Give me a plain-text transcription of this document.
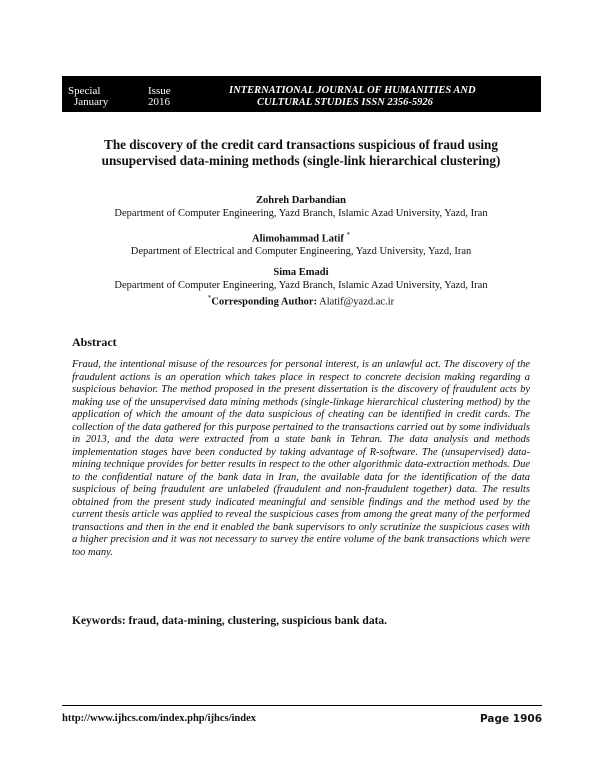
Special
January
Issue
2016
INTERNATIONAL JOURNAL OF HUMANITIES AND
CULTURAL STUDIES ISSN 2356-5926
The discovery of the credit card transactions suspicious of fraud using
unsupervised data-mining methods (single-link hierarchical clustering)
Zohreh Darbandian
Department of Computer Engineering, Yazd Branch, Islamic Azad University, Yazd, Iran
Alimohammad Latif *
Department of Electrical and Computer Engineering, Yazd University, Yazd, Iran
Sima Emadi
Department of Computer Engineering, Yazd Branch, Islamic Azad University, Yazd, Iran
*Corresponding Author: Alatif@yazd.ac.ir
Abstract
Fraud, the intentional misuse of the resources for personal interest, is an unlawful act. The discovery of the fraudulent actions is an operation which takes place in respect to concrete decision making regarding a suspicious behavior. The method proposed in the present dissertation is the discovery of fraudulent acts by making use of the unsupervised data mining methods (single-linkage hierarchical clustering method) by the application of which the amount of the data suspicious of cheating can be identified in credit cards. The collection of the data gathered for this purpose pertained to the transactions carried out by some individuals in 2013, and the data were extracted from a state bank in Tehran. The data analysis and methods implementation stages have been conducted by taking advantage of R-software. The (unsupervised) data-mining technique provides for better results in respect to the other algorithmic data-extraction methods. Due to the confidential nature of the bank data in Iran, the available data for the identification of the data suspicious of being fraudulent are unlabeled (fraudulent and non-fraudulent together) data. The results obtained from the present study indicated meaningful and sensible findings and the method used by the current thesis article was applied to reveal the suspicious cases from among the great many of the performed transactions and then in the end it enabled the bank supervisors to only scrutinize the suspicious cases with a higher precision and it was not necessary to survey the entire volume of the bank transactions which were too many.
Keywords: fraud, data-mining, clustering, suspicious bank data.
http://www.ijhcs.com/index.php/ijhcs/index	Page 1906
